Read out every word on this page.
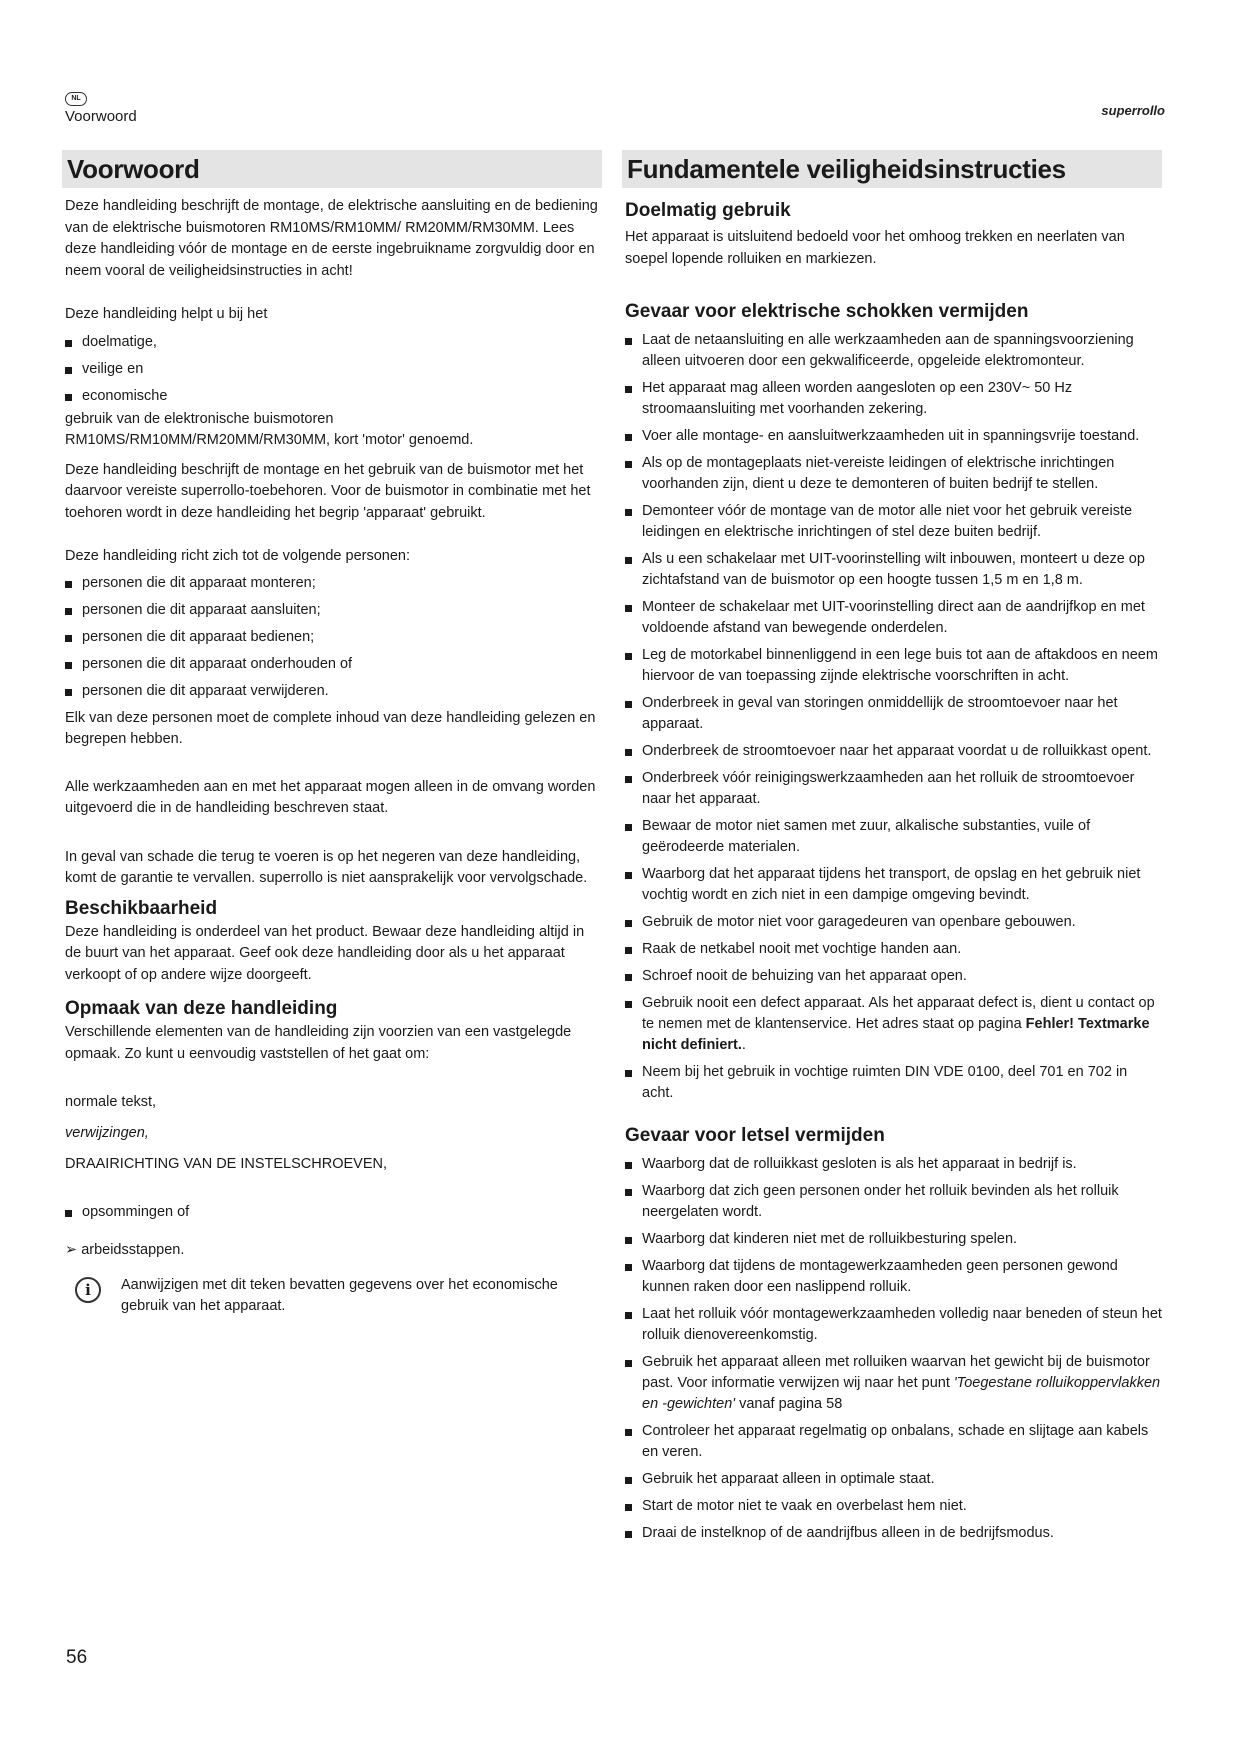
NL
Voorwoord	superrollo
Voorwoord

Deze handleiding beschrijft de montage, de elektrische aansluiting en de bediening van de elektrische buismotoren RM10MS/RM10MM/ RM20MM/RM30MM. Lees deze handleiding vóór de montage en de eerste ingebruikname zorgvuldig door en neem vooral de veiligheidsinstructies in acht!

Deze handleiding helpt u bij het

doelmatige,
veilige en
economische

gebruik van de elektronische buismotoren RM10MS/RM10MM/RM20MM/RM30MM, kort 'motor' genoemd.

Deze handleiding beschrijft de montage en het gebruik van de buismotor met het daarvoor vereiste superrollo-toebehoren. Voor de buismotor in combinatie met het toehoren wordt in deze handleiding het begrip 'apparaat' gebruikt.

Deze handleiding richt zich tot de volgende personen:

personen die dit apparaat monteren;
personen die dit apparaat aansluiten;
personen die dit apparaat bedienen;
personen die dit apparaat onderhouden of
personen die dit apparaat verwijderen.

Elk van deze personen moet de complete inhoud van deze handleiding gelezen en begrepen hebben.

Alle werkzaamheden aan en met het apparaat mogen alleen in de omvang worden uitgevoerd die in de handleiding beschreven staat.

In geval van schade die terug te voeren is op het negeren van deze handleiding, komt de garantie te vervallen. superrollo is niet aansprakelijk voor vervolgschade.

Beschikbaarheid

Deze handleiding is onderdeel van het product. Bewaar deze handleiding altijd in de buurt van het apparaat. Geef ook deze handleiding door als u het apparaat verkoopt of op andere wijze doorgeeft.

Opmaak van deze handleiding

Verschillende elementen van de handleiding zijn voorzien van een vastgelegde opmaak. Zo kunt u eenvoudig vaststellen of het gaat om:

normale tekst,

verwijzingen,

DRAAIRICHTING VAN DE INSTELSCHROEVEN,

opsommingen of
➢ arbeidsstappen.
i	Aanwijzigen met dit teken bevatten gegevens over het economische gebruik van het apparaat.
Fundamentele veiligheidsinstructies
Doelmatig gebruik

Het apparaat is uitsluitend bedoeld voor het omhoog trekken en neerlaten van soepel lopende rolluiken en markiezen.

Gevaar voor elektrische schokken vermijden
Laat de netaansluiting en alle werkzaamheden aan de spanningsvoorziening alleen uitvoeren door een gekwalificeerde, opgeleide elektromonteur.
Het apparaat mag alleen worden aangesloten op een 230V~ 50 Hz stroomaansluiting met voorhanden zekering.
Voer alle montage- en aansluitwerkzaamheden uit in spanningsvrije toestand.
Als op de montageplaats niet-vereiste leidingen of elektrische inrichtingen voorhanden zijn, dient u deze te demonteren of buiten bedrijf te stellen.
Demonteer vóór de montage van de motor alle niet voor het gebruik vereiste leidingen en elektrische inrichtingen of stel deze buiten bedrijf.
Als u een schakelaar met UIT-voorinstelling wilt inbouwen, monteert u deze op zichtafstand van de buismotor op een hoogte tussen 1,5 m en 1,8 m.
Monteer de schakelaar met UIT-voorinstelling direct aan de aandrijfkop en met voldoende afstand van bewegende onderdelen.
Leg de motorkabel binnenliggend in een lege buis tot aan de aftakdoos en neem hiervoor de van toepassing zijnde elektrische voorschriften in acht.
Onderbreek in geval van storingen onmiddellijk de stroomtoevoer naar het apparaat.
Onderbreek de stroomtoevoer naar het apparaat voordat u de rolluikkast opent.
Onderbreek vóór reinigingswerkzaamheden aan het rolluik de stroomtoevoer naar het apparaat.
Bewaar de motor niet samen met zuur, alkalische substanties, vuile of geërodeerde materialen.
Waarborg dat het apparaat tijdens het transport, de opslag en het gebruik niet vochtig wordt en zich niet in een dampige omgeving bevindt.
Gebruik de motor niet voor garagedeuren van openbare gebouwen.
Raak de netkabel nooit met vochtige handen aan.
Schroef nooit de behuizing van het apparaat open.
Gebruik nooit een defect apparaat. Als het apparaat defect is, dient u contact op te nemen met de klantenservice. Het adres staat op pagina Fehler! Textmarke nicht definiert..
Neem bij het gebruik in vochtige ruimten DIN VDE 0100, deel 701 en 702 in acht.
Gevaar voor letsel vermijden
Waarborg dat de rolluikkast gesloten is als het apparaat in bedrijf is.
Waarborg dat zich geen personen onder het rolluik bevinden als het rolluik neergelaten wordt.
Waarborg dat kinderen niet met de rolluikbesturing spelen.
Waarborg dat tijdens de montagewerkzaamheden geen personen gewond kunnen raken door een naslippend rolluik.
Laat het rolluik vóór montagewerkzaamheden volledig naar beneden of steun het rolluik dienovereenkomstig.
Gebruik het apparaat alleen met rolluiken waarvan het gewicht bij de buismotor past. Voor informatie verwijzen wij naar het punt 'Toegestane rolluikoppervlakken en -gewichten' vanaf pagina 58
Controleer het apparaat regelmatig op onbalans, schade en slijtage aan kabels en veren.
Gebruik het apparaat alleen in optimale staat.
Start de motor niet te vaak en overbelast hem niet.
Draai de instelknop of de aandrijfbus alleen in de bedrijfsmodus.
56
